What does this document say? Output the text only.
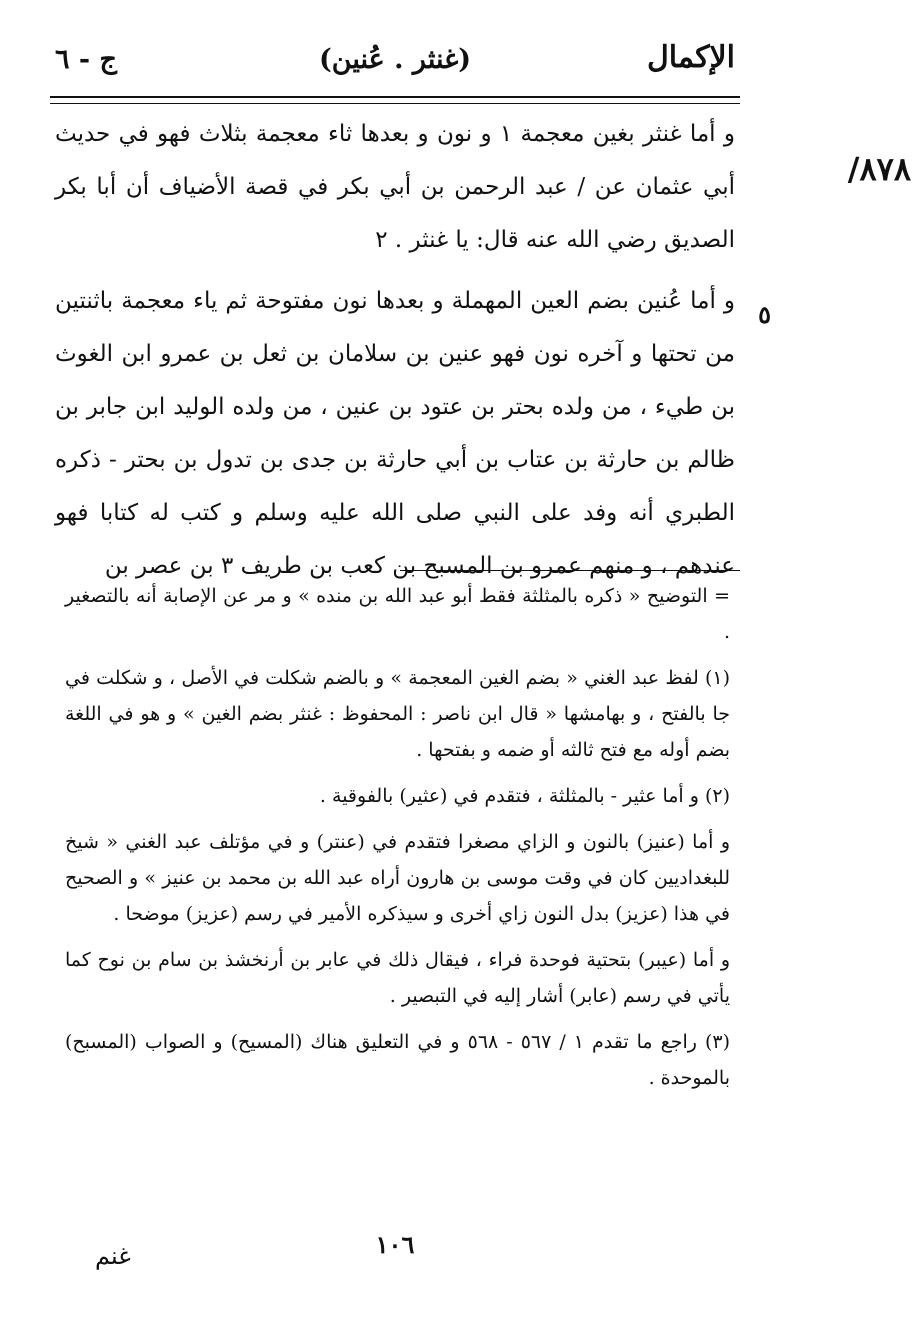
الإكمال
(غنثر . عُنين)
ج - ٦
٨٧٨/
٥

و أما غنثر بغين معجمة ١ و نون و بعدها ثاء معجمة بثلاث فهو في حديث أبي عثمان عن / عبد الرحمن بن أبي بكر في قصة الأضياف أن أبا بكر الصديق رضي الله عنه قال: يا غنثر . ٢

و أما عُنين بضم العين المهملة و بعدها نون مفتوحة ثم ياء معجمة باثنتين من تحتها و آخره نون فهو عنين بن سلامان بن ثعل بن عمرو ابن الغوث بن طيء ، من ولده بحتر بن عتود بن عنين ، من ولده الوليد ابن جابر بن ظالم بن حارثة بن عتاب بن أبي حارثة بن جدى بن تدول بن بحتر - ذكره الطبري أنه وفد على النبي صلى الله عليه وسلم و كتب له كتابا فهو عندهم ، و منهم عمرو بن المسبح بن كعب بن طريف ٣ بن عصر بن

= التوضيح « ذكره بالمثلثة فقط أبو عبد الله بن منده » و مر عن الإصابة أنه بالتصغير .

(١) لفظ عبد الغني « بضم الغين المعجمة » و بالضم شكلت في الأصل ، و شكلت في جا بالفتح ، و بهامشها « قال ابن ناصر : المحفوظ : غنثر بضم الغين » و هو في اللغة بضم أوله مع فتح ثالثه أو ضمه و بفتحها .

(٢) و أما عثير - بالمثلثة ، فتقدم في (عثير) بالفوقية .

و أما (عنيز) بالنون و الزاي مصغرا فتقدم في (عنتر) و في مؤتلف عبد الغني « شيخ للبغداديين كان في وقت موسى بن هارون أراه عبد الله بن محمد بن عنيز » و الصحيح في هذا (عزيز) بدل النون زاي أخرى و سيذكره الأمير في رسم (عزيز) موضحا .

و أما (عيبر) بتحتية فوحدة فراء ، فيقال ذلك في عابر بن أرنخشذ بن سام بن نوح كما يأتي في رسم (عابر) أشار إليه في التبصير .

(٣) راجع ما تقدم ١ / ٥٦٧ - ٥٦٨ و في التعليق هناك (المسيح) و الصواب (المسبح) بالموحدة .

١٠٦
غنم
